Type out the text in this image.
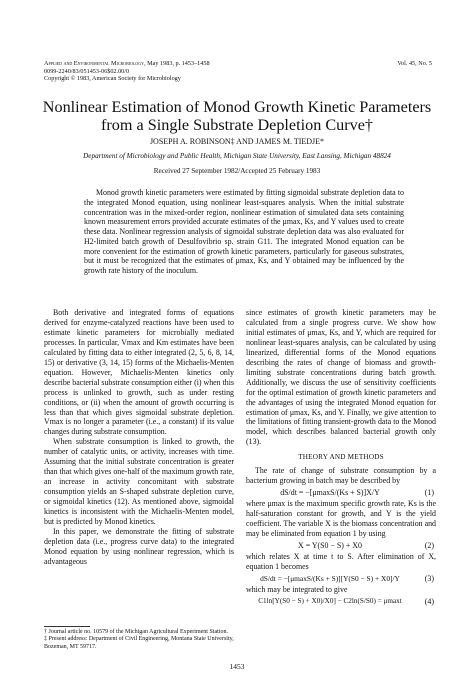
Applied and Environmental Microbiology, May 1983, p. 1453–1458
0099-2240/83/051453-06$02.00/0
Copyright © 1983, American Society for Microbiology
Vol. 45, No. 5
Nonlinear Estimation of Monod Growth Kinetic Parameters
from a Single Substrate Depletion Curve†
JOSEPH A. ROBINSON‡ AND JAMES M. TIEDJE*
Department of Microbiology and Public Health, Michigan State University, East Lansing, Michigan 48824
Received 27 September 1982/Accepted 25 February 1983
Monod growth kinetic parameters were estimated by fitting sigmoidal substrate depletion data to the integrated Monod equation, using nonlinear least-squares analysis. When the initial substrate concentration was in the mixed-order region, nonlinear estimation of simulated data sets containing known measurement errors provided accurate estimates of the μmax, Ks, and Y values used to create these data. Nonlinear regression analysis of sigmoidal substrate depletion data was also evaluated for H2-limited batch growth of Desulfovibrio sp. strain G11. The integrated Monod equation can be more convenient for the estimation of growth kinetic parameters, particularly for gaseous substrates, but it must be recognized that the estimates of μmax, Ks, and Y obtained may be influenced by the growth rate history of the inoculum.

Both derivative and integrated forms of equations derived for enzyme-catalyzed reactions have been used to estimate kinetic parameters for microbially mediated processes. In particular, Vmax and Km estimates have been calculated by fitting data to either integrated (2, 5, 6, 8, 14, 15) or derivative (3, 14, 15) forms of the Michaelis-Menten equation. However, Michaelis-Menten kinetics only describe bacterial substrate consumption either (i) when this process is unlinked to growth, such as under resting conditions, or (ii) when the amount of growth occurring is less than that which gives sigmoidal substrate depletion. Vmax is no longer a parameter (i.e., a constant) if its value changes during substrate consumption.

When substrate consumption is linked to growth, the number of catalytic units, or activity, increases with time. Assuming that the initial substrate concentration is greater than that which gives one-half of the maximum growth rate, an increase in activity concomitant with substrate consumption yields an S-shaped substrate depletion curve, or sigmoidal kinetics (12). As mentioned above, sigmoidal kinetics is inconsistent with the Michaelis-Menten model, but is predicted by Monod kinetics.

In this paper, we demonstrate the fitting of substrate depletion data (i.e., progress curve data) to the integrated Monod equation by using nonlinear regression, which is advantageous

† Journal article no. 10579 of the Michigan Agricultural Experiment Station.
‡ Present address: Department of Civil Engineering, Montana State University, Bozeman, MT 59717.

since estimates of growth kinetic parameters may be calculated from a single progress curve. We show how initial estimates of μmax, Ks, and Y, which are required for nonlinear least-squares analysis, can be calculated by using linearized, differential forms of the Monod equations describing the rates of change of biomass and growth-limiting substrate concentrations during batch growth. Additionally, we discuss the use of sensitivity coefficients for the optimal estimation of growth kinetic parameters and the advantages of using the integrated Monod equation for estimation of μmax, Ks, and Y. Finally, we give attention to the limitations of fitting transient-growth data to the Monod model, which describes balanced bacterial growth only (13).

THEORY AND METHODS

The rate of change of substrate consumption by a bacterium growing in batch may be described by

dS/dt = −[μmaxS/(Ks + S)]X/Y	(1)

where μmax is the maximum specific growth rate, Ks is the half-saturation constant for growth, and Y is the yield coefficient. The variable X is the biomass concentration and may be eliminated from equation 1 by using

X = Y(S0 − S) + X0	(2)

which relates X at time t to S. After elimination of X, equation 1 becomes

dS/dt = −[μmaxS/(Ks + S)][Y(S0 − S) + X0]/Y	(3)

which may be integrated to give

C1ln[Y(S0 − S) + X0)/X0] − C2ln(S/S0) = μmaxt	(4)
1453
